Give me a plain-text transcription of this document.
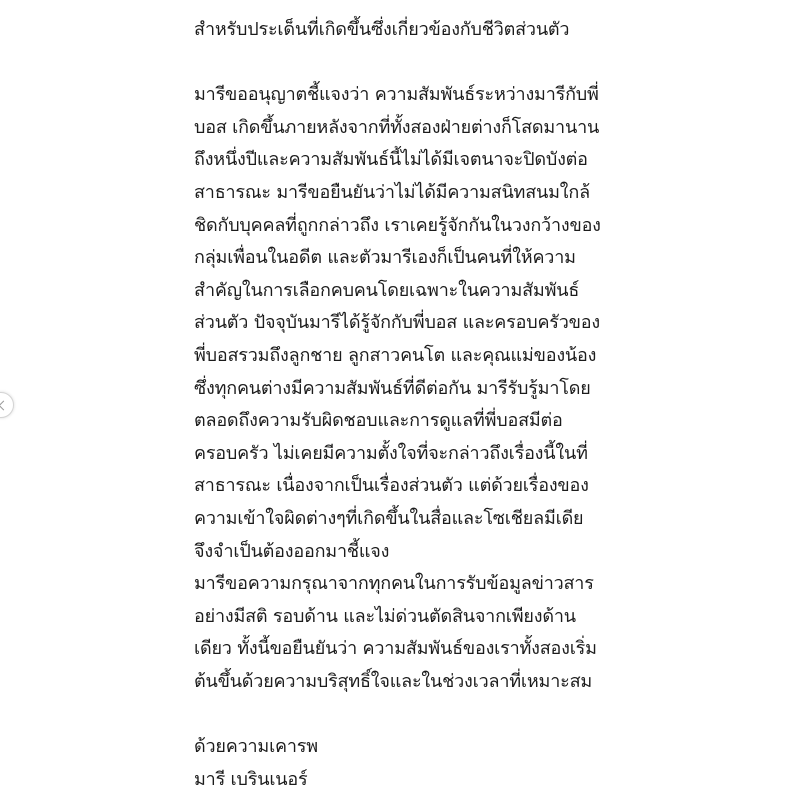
สำหรับประเด็นที่เกิดขึ้นซึ่งเกี่ยวข้องกับชีวิตส่วนตัว
มารีขออนุญาตชี้แจงว่า ความสัมพันธ์ระหว่างมารีกับพี่
บอส เกิดขึ้นภายหลังจากที่ทั้งสองฝ่ายต่างก็โสดมานาน
ถึงหนึ่งปีและความสัมพันธ์นี้ไม่ได้มีเจตนาจะปิดบังต่อ
สาธารณะ มารีขอยืนยันว่าไม่ได้มีความสนิทสนมใกล้
ชิดกับบุคคลที่ถูกกล่าวถึง เราเคยรู้จักกันในวงกว้างของ
กลุ่มเพื่อนในอดีต และตัวมารีเองก็เป็นคนที่ให้ความ
สำคัญในการเลือกคบคนโดยเฉพาะในความสัมพันธ์
ส่วนตัว ปัจจุบันมารีได้รู้จักกับพี่บอส และครอบครัวของ
พี่บอสรวมถึงลูกชาย ลูกสาวคนโต และคุณแม่ของน้อง
ซึ่งทุกคนต่างมีความสัมพันธ์ที่ดีต่อกัน มารีรับรู้มาโดย
ตลอดถึงความรับผิดชอบและการดูแลที่พี่บอสมีต่อ
ครอบครัว ไม่เคยมีความตั้งใจที่จะกล่าวถึงเรื่องนี้ในที่
สาธารณะ เนื่องจากเป็นเรื่องส่วนตัว แต่ด้วยเรื่องของ
ความเข้าใจผิดต่างๆที่เกิดขึ้นในสื่อและโซเชียลมีเดีย
จึงจำเป็นต้องออกมาชี้แจง
มารีขอความกรุณาจากทุกคนในการรับข้อมูลข่าวสาร
อย่างมีสติ รอบด้าน และไม่ด่วนตัดสินจากเพียงด้าน
เดียว ทั้งนี้ขอยืนยันว่า ความสัมพันธ์ของเราทั้งสองเริ่ม
ต้นขึ้นด้วยความบริสุทธิ์ใจและในช่วงเวลาที่เหมาะสม
ด้วยความเคารพ
มารี เบรินเนอร์
